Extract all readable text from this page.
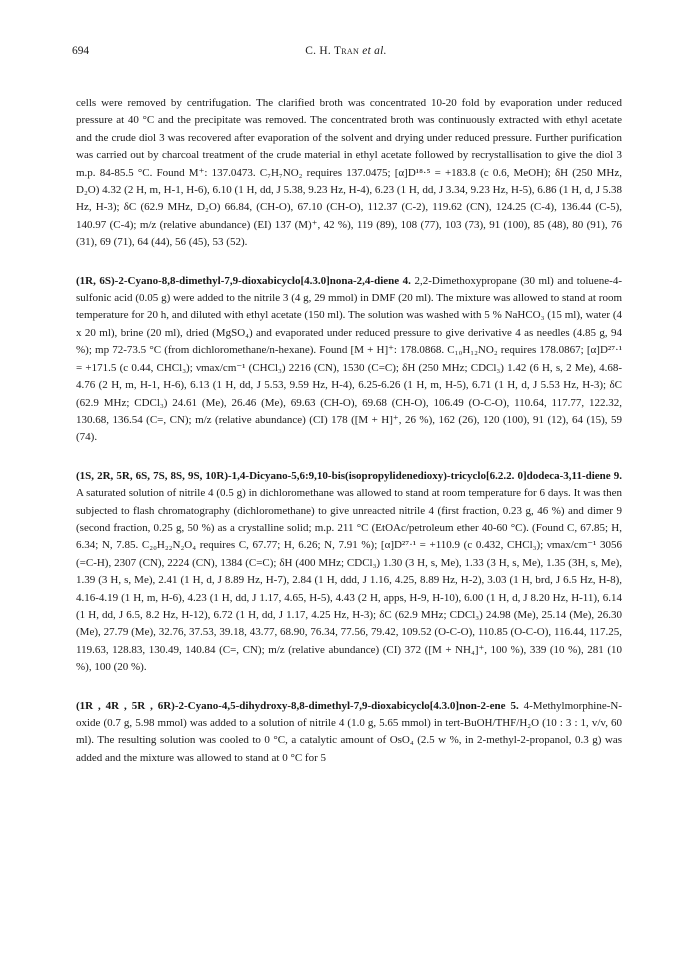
694	C. H. Tran et al.

cells were removed by centrifugation. The clarified broth was concentrated 10-20 fold by evaporation under reduced pressure at 40 °C and the precipitate was removed. The concentrated broth was continuously extracted with ethyl acetate and the crude diol 3 was recovered after evaporation of the solvent and drying under reduced pressure. Further purification was carried out by charcoal treatment of the crude material in ethyl acetate followed by recrystallisation to give the diol 3 m.p. 84-85.5 °C. Found M⁺: 137.0473. C₇H₇NO₂ requires 137.0475; [α]D¹⁸·⁵ = +183.8 (c 0.6, MeOH); δH (250 MHz, D₂O) 4.32 (2 H, m, H-1, H-6), 6.10 (1 H, dd, J 5.38, 9.23 Hz, H-4), 6.23 (1 H, dd, J 3.34, 9.23 Hz, H-5), 6.86 (1 H, d, J 5.38 Hz, H-3); δC (62.9 MHz, D₂O) 66.84, (CH-O), 67.10 (CH-O), 112.37 (C-2), 119.62 (CN), 124.25 (C-4), 136.44 (C-5), 140.97 (C-4); m/z (relative abundance) (EI) 137 (M)⁺, 42 %), 119 (89), 108 (77), 103 (73), 91 (100), 85 (48), 80 (91), 76 (31), 69 (71), 64 (44), 56 (45), 53 (52).

(1R, 6S)-2-Cyano-8,8-dimethyl-7,9-dioxabicyclo[4.3.0]nona-2,4-diene 4. 2,2-Dimethoxypropane (30 ml) and toluene-4-sulfonic acid (0.05 g) were added to the nitrile 3 (4 g, 29 mmol) in DMF (20 ml). The mixture was allowed to stand at room temperature for 20 h, and diluted with ethyl acetate (150 ml). The solution was washed with 5 % NaHCO₃ (15 ml), water (4 x 20 ml), brine (20 ml), dried (MgSO₄) and evaporated under reduced pressure to give derivative 4 as needles (4.85 g, 94 %); mp 72-73.5 °C (from dichloromethane/n-hexane). Found [M + H]⁺: 178.0868. C₁₀H₁₂NO₂ requires 178.0867; [α]D²⁷·¹ = +171.5 (c 0.44, CHCl₃); νmax/cm⁻¹ (CHCl₃) 2216 (CN), 1530 (C=C); δH (250 MHz; CDCl₃) 1.42 (6 H, s, 2 Me), 4.68-4.76 (2 H, m, H-1, H-6), 6.13 (1 H, dd, J 5.53, 9.59 Hz, H-4), 6.25-6.26 (1 H, m, H-5), 6.71 (1 H, d, J 5.53 Hz, H-3); δC (62.9 MHz; CDCl₃) 24.61 (Me), 26.46 (Me), 69.63 (CH-O), 69.68 (CH-O), 106.49 (O-C-O), 110.64, 117.77, 122.32, 130.68, 136.54 (C=, CN); m/z (relative abundance) (CI) 178 ([M + H]⁺, 26 %), 162 (26), 120 (100), 91 (12), 64 (15), 59 (74).

(1S, 2R, 5R, 6S, 7S, 8S, 9S, 10R)-1,4-Dicyano-5,6:9,10-bis(isopropylidenedioxy)-tricyclo[6.2.2. 0]dodeca-3,11-diene 9. A saturated solution of nitrile 4 (0.5 g) in dichloromethane was allowed to stand at room temperature for 6 days. It was then subjected to flash chromatography (dichloromethane) to give unreacted nitrile 4 (first fraction, 0.23 g, 46 %) and dimer 9 (second fraction, 0.25 g, 50 %) as a crystalline solid; m.p. 211 °C (EtOAc/petroleum ether 40-60 °C). (Found C, 67.85; H, 6.34; N, 7.85. C₂₀H₂₂N₂O₄ requires C, 67.77; H, 6.26; N, 7.91 %); [α]D²⁷·¹ = +110.9 (c 0.432, CHCl₃); νmax/cm⁻¹ 3056 (=C-H), 2307 (CN), 2224 (CN), 1384 (C=C); δH (400 MHz; CDCl₃) 1.30 (3 H, s, Me), 1.33 (3 H, s, Me), 1.35 (3H, s, Me), 1.39 (3 H, s, Me), 2.41 (1 H, d, J 8.89 Hz, H-7), 2.84 (1 H, ddd, J 1.16, 4.25, 8.89 Hz, H-2), 3.03 (1 H, brd, J 6.5 Hz, H-8), 4.16-4.19 (1 H, m, H-6), 4.23 (1 H, dd, J 1.17, 4.65, H-5), 4.43 (2 H, apps, H-9, H-10), 6.00 (1 H, d, J 8.20 Hz, H-11), 6.14 (1 H, dd, J 6.5, 8.2 Hz, H-12), 6.72 (1 H, dd, J 1.17, 4.25 Hz, H-3); δC (62.9 MHz; CDCl₃) 24.98 (Me), 25.14 (Me), 26.30 (Me), 27.79 (Me), 32.76, 37.53, 39.18, 43.77, 68.90, 76.34, 77.56, 79.42, 109.52 (O-C-O), 110.85 (O-C-O), 116.44, 117.25, 119.63, 128.83, 130.49, 140.84 (C=, CN); m/z (relative abundance) (CI) 372 ([M + NH₄]⁺, 100 %), 339 (10 %), 281 (10 %), 100 (20 %).

(1R , 4R , 5R , 6R)-2-Cyano-4,5-dihydroxy-8,8-dimethyl-7,9-dioxabicyclo[4.3.0]non-2-ene 5. 4-Methylmorphine-N-oxide (0.7 g, 5.98 mmol) was added to a solution of nitrile 4 (1.0 g, 5.65 mmol) in tert-BuOH/THF/H₂O (10 : 3 : 1, v/v, 60 ml). The resulting solution was cooled to 0 °C, a catalytic amount of OsO₄ (2.5 w %, in 2-methyl-2-propanol, 0.3 g) was added and the mixture was allowed to stand at 0 °C for 5
